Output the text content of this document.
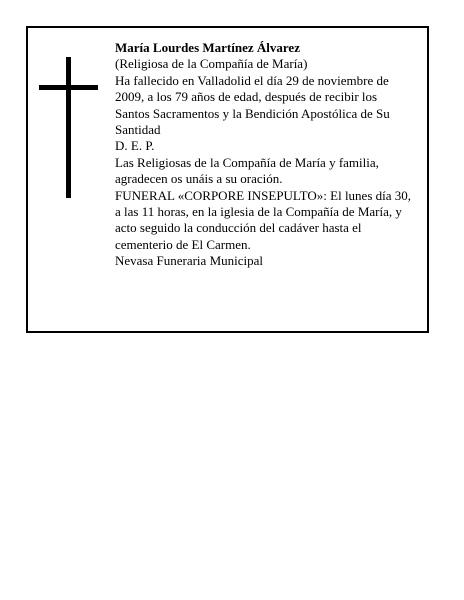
María Lourdes Martínez Álvarez

(Religiosa de la Compañía de María)

Ha fallecido en Valladolid el día 29 de noviembre de 2009, a los 79 años de edad, después de recibir los Santos Sacramentos y la Bendición Apostólica de Su Santidad

D. E. P.

Las Religiosas de la Compañía de María y familia, agradecen os unáis a su oración.

FUNERAL «CORPORE INSEPULTO»: El lunes día 30, a las 11 horas, en la iglesia de la Compañía de María, y acto seguido la conducción del cadáver hasta el cementerio de El Carmen.

Nevasa Funeraria Municipal
